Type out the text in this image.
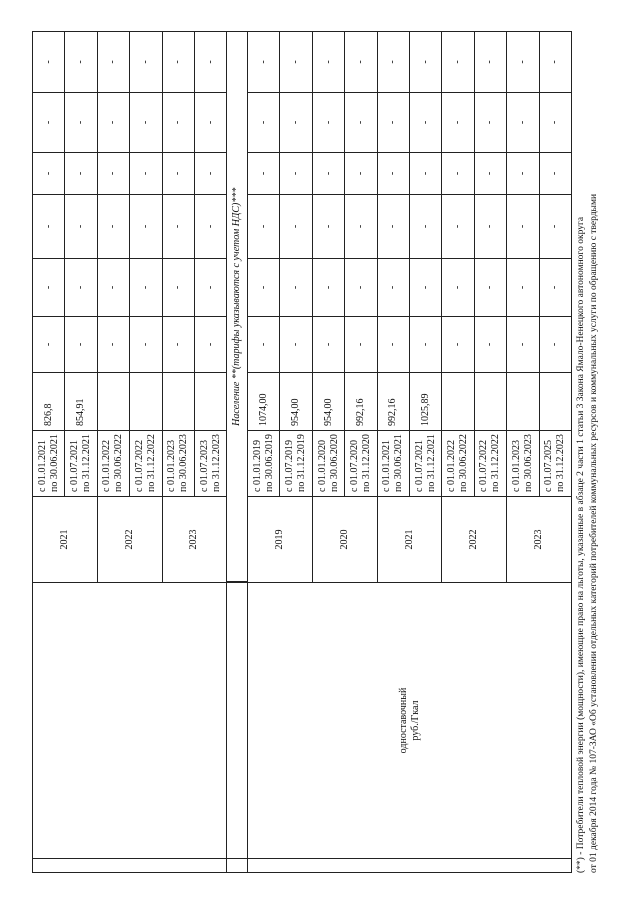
		2021	с 01.01.2021 по 30.06.2021	826,8	-	-	-	-	-	-

			с 01.07.2021 по 31.12.2021	854,91	-	-	-	-	-	-
		2022	с 01.01.2022 по 30.06.2022		-	-	-	-	-	-

			с 01.07.2022 по 31.12.2022		-	-	-	-	-	-
		2023	с 01.01.2023 по 30.06.2023		-	-	-	-	-	-

			с 01.07.2023 по 31.12.2023		-	-	-	-	-	-
		Население **(тарифы указываются с учетом НДС)***								

	одноставочный руб./Гкал	2019	с 01.01.2019 по 30.06.2019	1074,00	-	-	-	-	-	-

			с 01.07.2019 по 31.12.2019	954,00	-	-	-	-	-	-
		2020	с 01.01.2020 по 30.06.2020	954,00	-	-	-	-	-	-

			с 01.07.2020 по 31.12.2020	992,16	-	-	-	-	-	-
		2021	с 01.01.2021 по 30.06.2021	992,16	-	-	-	-	-	-

			с 01.07.2021 по 31.12.2021	1025,89	-	-	-	-	-	-
		2022	с 01.01.2022 по 30.06.2022		-	-	-	-	-	-

			с 01.07.2022 по 31.12.2022		-	-	-	-	-	-
		2023	с 01.01.2023 по 30.06.2023		-	-	-	-	-	-

			с 01.07.2025 по 31.12.2023		-	-	-	-	-	-
(**) - Потребители тепловой энергии (мощности), имеющие право на льготы, указанные в абзаце 2 части 1 статьи 3 Закона Ямало-Ненецкого автономного округа от 01 декабря 2014 года № 107-ЗАО «Об установлении отдельных категорий потребителей коммунальных ресурсов и коммунальных услуги по обращению с твердыми
